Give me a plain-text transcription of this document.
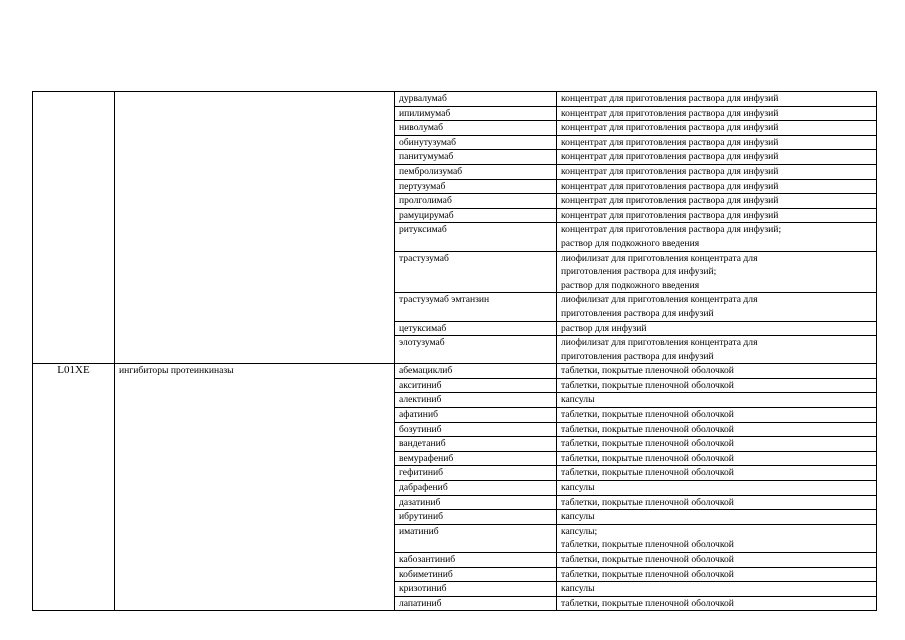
		дурвалумаб	концентрат для приготовления раствора для инфузий
		ипилимумаб	концентрат для приготовления раствора для инфузий
		ниволумаб	концентрат для приготовления раствора для инфузий
		обинутузумаб	концентрат для приготовления раствора для инфузий
		панитумумаб	концентрат для приготовления раствора для инфузий
		пембролизумаб	концентрат для приготовления раствора для инфузий
		пертузумаб	концентрат для приготовления раствора для инфузий
		пролголимаб	концентрат для приготовления раствора для инфузий
		рамуцирумаб	концентрат для приготовления раствора для инфузий
		ритуксимаб	концентрат для приготовления раствора для инфузий;
раствор для подкожного введения
		трастузумаб	лиофилизат для приготовления концентрата для
приготовления раствора для инфузий;
раствор для подкожного введения
		трастузумаб эмтанзин	лиофилизат для приготовления концентрата для
приготовления раствора для инфузий
		цетуксимаб	раствор для инфузий
		элотузумаб	лиофилизат для приготовления концентрата для
приготовления раствора для инфузий
L01XE	ингибиторы протеинкиназы	абемациклиб	таблетки, покрытые пленочной оболочкой
		акситиниб	таблетки, покрытые пленочной оболочкой
		алектиниб	капсулы
		афатиниб	таблетки, покрытые пленочной оболочкой
		бозутиниб	таблетки, покрытые пленочной оболочкой
		вандетаниб	таблетки, покрытые пленочной оболочкой
		вемурафениб	таблетки, покрытые пленочной оболочкой
		гефитиниб	таблетки, покрытые пленочной оболочкой
		дабрафениб	капсулы
		дазатиниб	таблетки, покрытые пленочной оболочкой
		ибрутиниб	капсулы
		иматиниб	капсулы;
таблетки, покрытые пленочной оболочкой
		кабозантиниб	таблетки, покрытые пленочной оболочкой
		кобиметиниб	таблетки, покрытые пленочной оболочкой
		кризотиниб	капсулы
		лапатиниб	таблетки, покрытые пленочной оболочкой
